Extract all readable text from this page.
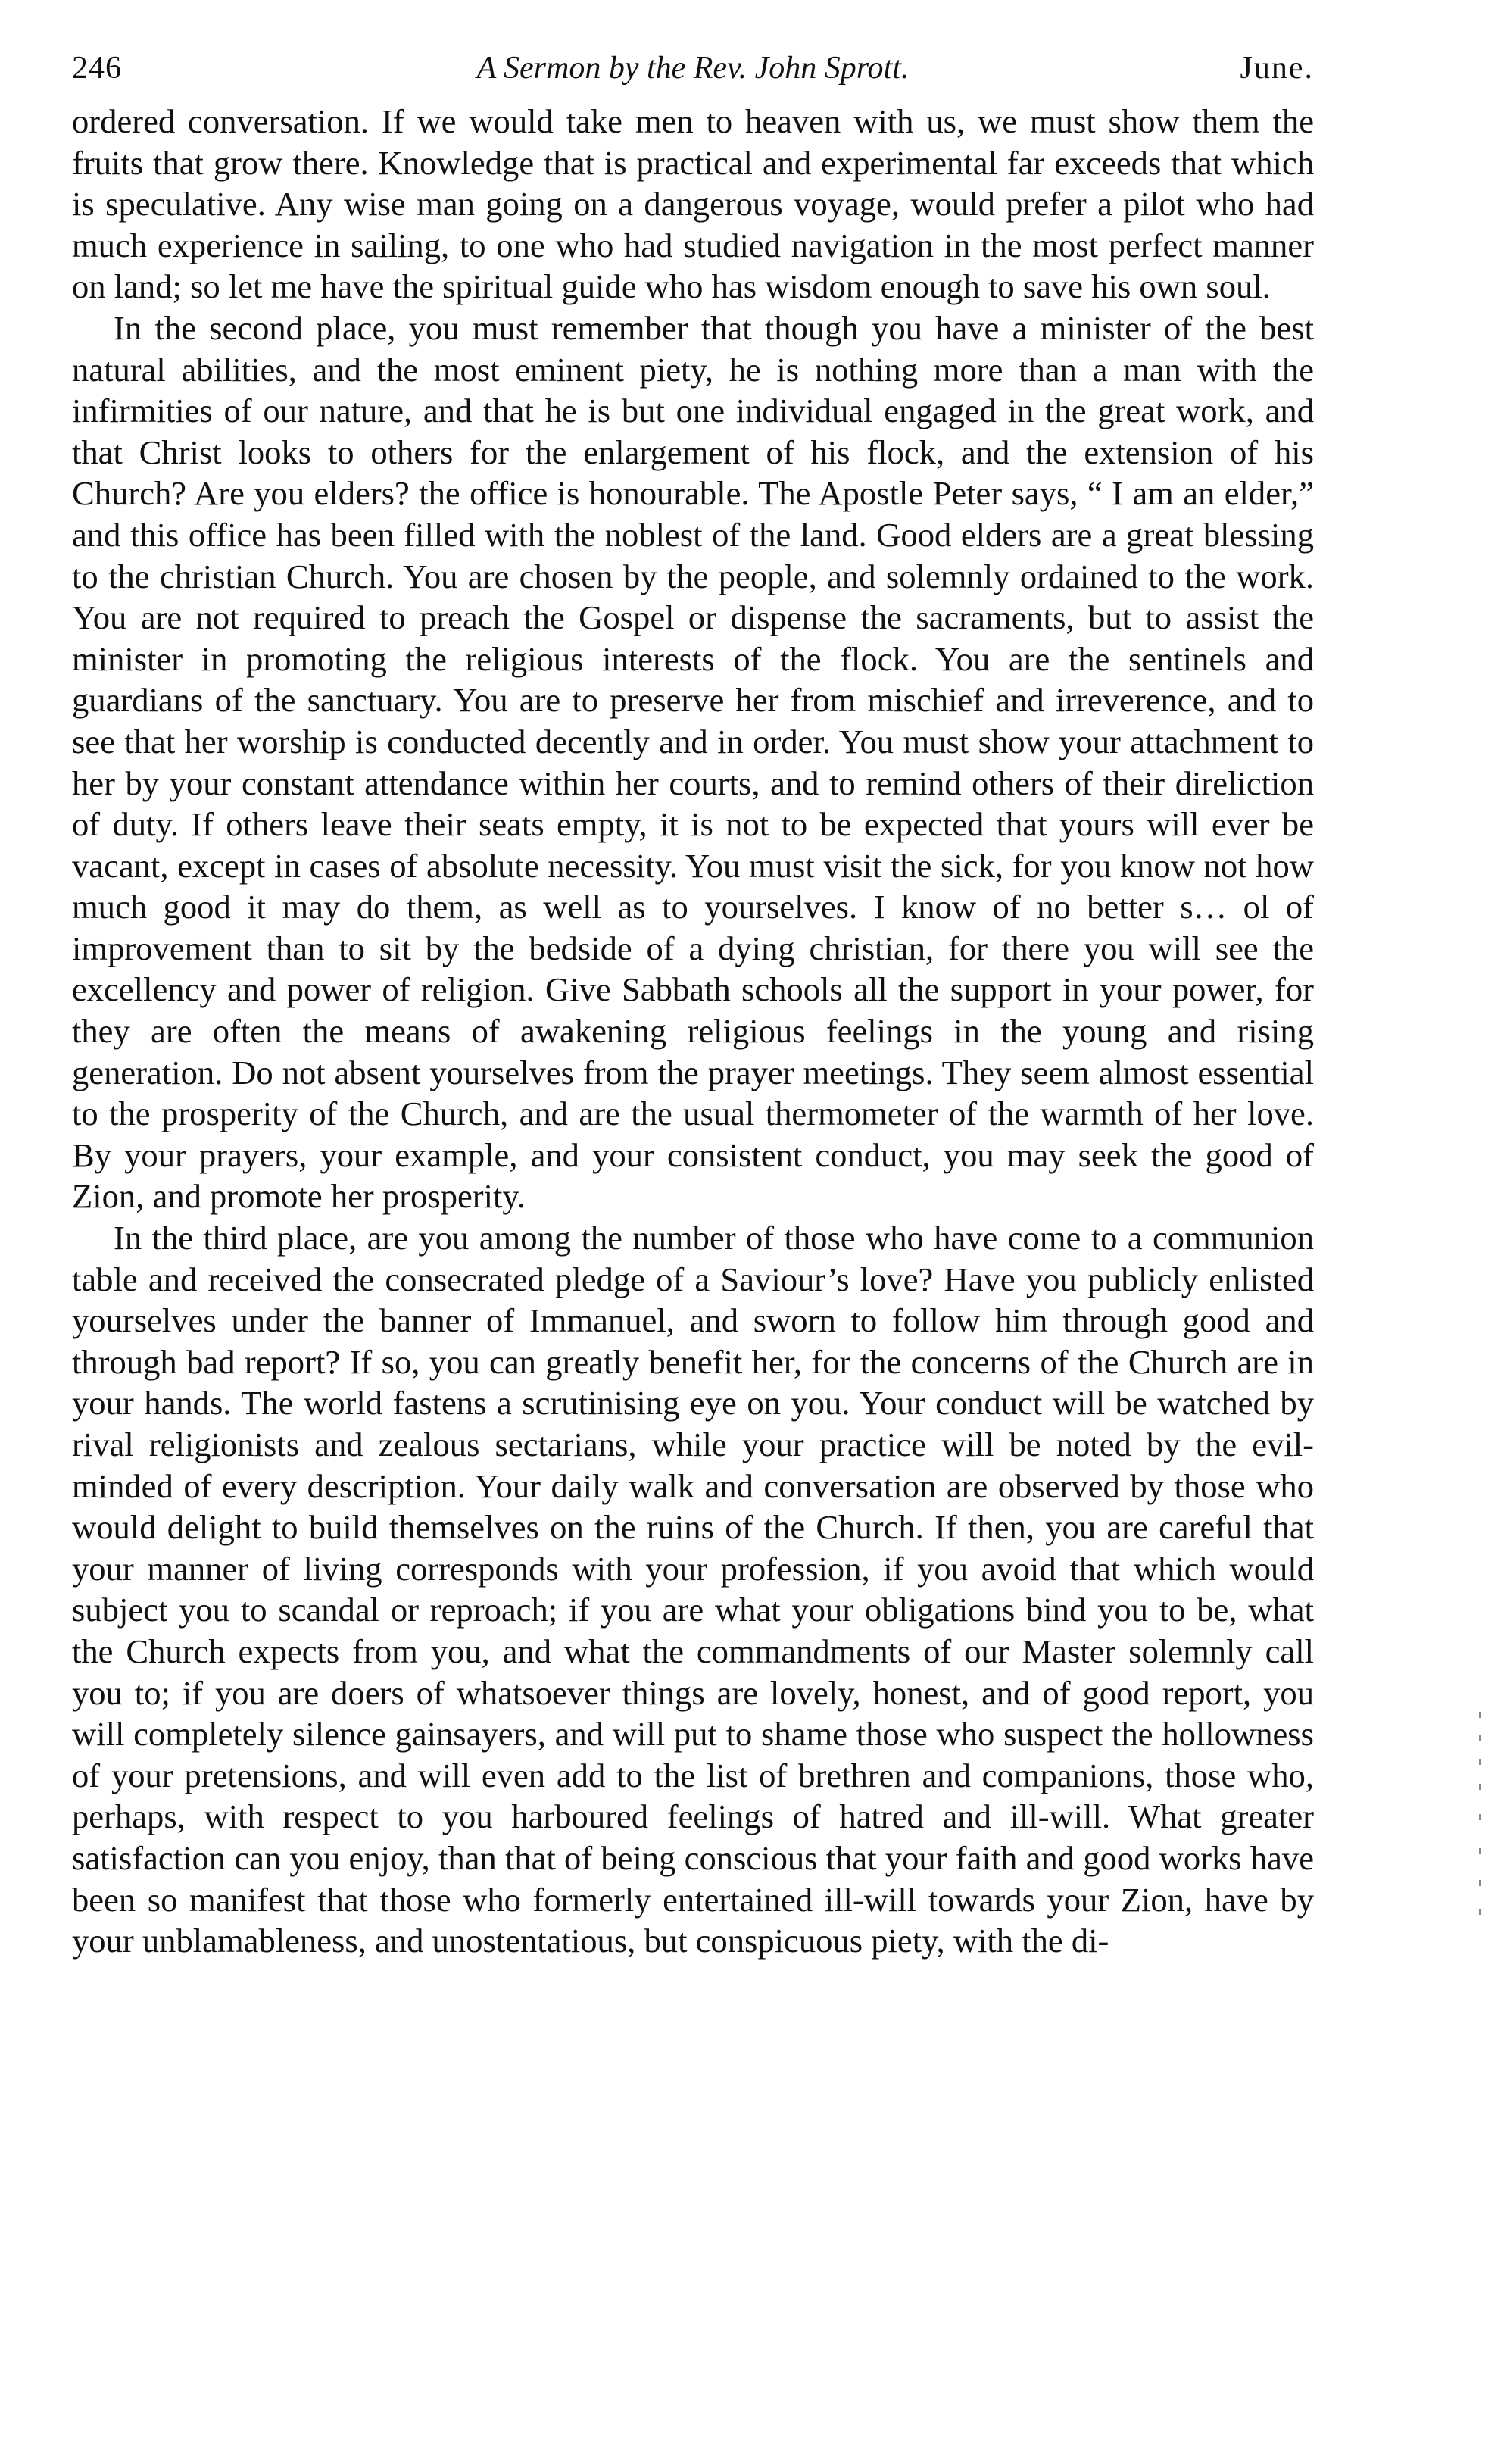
246	A Sermon by the Rev. John Sprott.	June.

ordered conversation. If we would take men to heaven with us, we must show them the fruits that grow there. Knowledge that is practical and experimental far exceeds that which is speculative. Any wise man going on a dangerous voyage, would prefer a pilot who had much experience in sailing, to one who had studied navigation in the most perfect manner on land; so let me have the spiritual guide who has wisdom enough to save his own soul.

In the second place, you must remember that though you have a minister of the best natural abilities, and the most eminent piety, he is nothing more than a man with the infirmities of our nature, and that he is but one individual engaged in the great work, and that Christ looks to others for the enlargement of his flock, and the extension of his Church? Are you elders? the office is honourable. The Apostle Peter says, “ I am an elder,” and this office has been filled with the noblest of the land. Good elders are a great blessing to the christian Church. You are chosen by the people, and solemnly ordained to the work. You are not required to preach the Gospel or dispense the sacraments, but to assist the minister in promoting the religious interests of the flock. You are the sentinels and guardians of the sanctuary. You are to preserve her from mischief and irreverence, and to see that her worship is conducted decently and in order. You must show your attachment to her by your constant attendance within her courts, and to remind others of their direliction of duty. If others leave their seats empty, it is not to be expected that yours will ever be vacant, except in cases of absolute necessity. You must visit the sick, for you know not how much good it may do them, as well as to yourselves. I know of no better s… ol of improvement than to sit by the bedside of a dying christian, for there you will see the excellency and power of religion. Give Sabbath schools all the support in your power, for they are often the means of awakening religious feelings in the young and rising generation. Do not absent yourselves from the prayer meetings. They seem almost essential to the prosperity of the Church, and are the usual thermometer of the warmth of her love. By your prayers, your example, and your consistent conduct, you may seek the good of Zion, and promote her prosperity.

In the third place, are you among the number of those who have come to a communion table and received the consecrated pledge of a Saviour’s love? Have you publicly enlisted yourselves under the banner of Immanuel, and sworn to follow him through good and through bad report? If so, you can greatly benefit her, for the concerns of the Church are in your hands. The world fastens a scrutinising eye on you. Your conduct will be watched by rival religionists and zealous sectarians, while your practice will be noted by the evil-minded of every description. Your daily walk and conversation are observed by those who would delight to build themselves on the ruins of the Church. If then, you are careful that your manner of living corresponds with your profession, if you avoid that which would subject you to scandal or reproach; if you are what your obligations bind you to be, what the Church expects from you, and what the commandments of our Master solemnly call you to; if you are doers of whatsoever things are lovely, honest, and of good report, you will completely silence gainsayers, and will put to shame those who suspect the hollowness of your pretensions, and will even add to the list of brethren and companions, those who, perhaps, with respect to you harboured feelings of hatred and ill-will. What greater satisfaction can you enjoy, than that of being conscious that your faith and good works have been so manifest that those who formerly entertained ill-will towards your Zion, have by your unblamableness, and unostentatious, but conspicuous piety, with the di-
